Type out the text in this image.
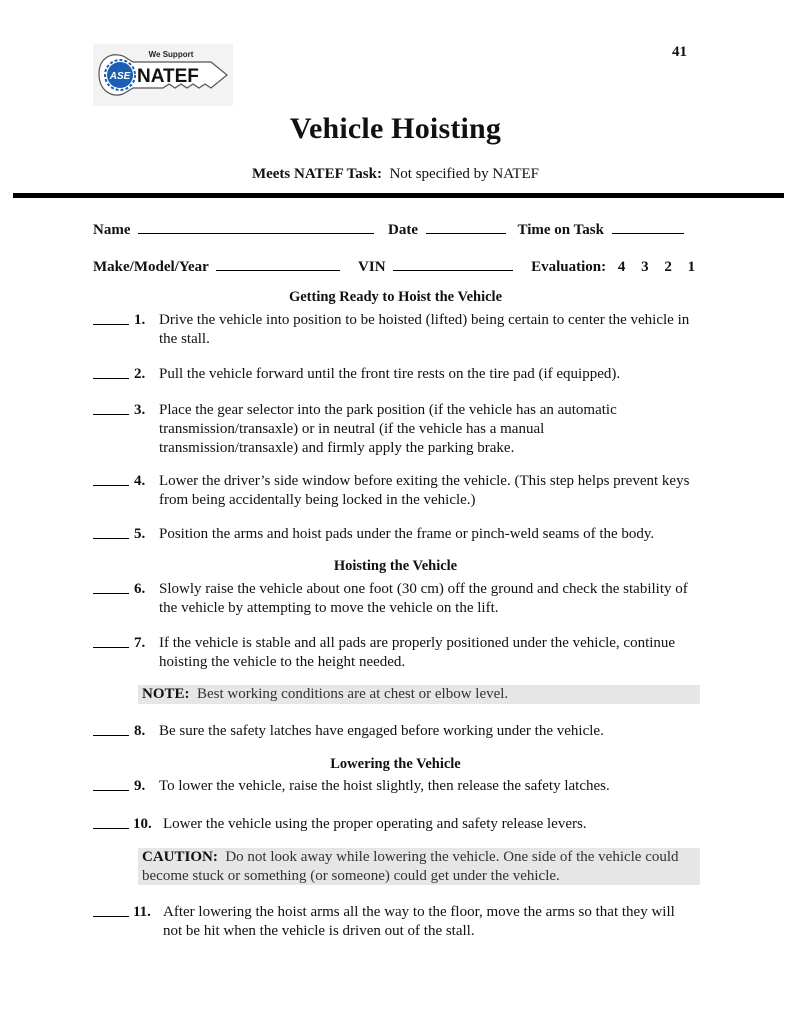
ASE
We Support
NATEF
41
Vehicle Hoisting
Meets NATEF Task: Not specified by NATEF
Name	Date	Time on Task
Make/Model/Year	VIN	Evaluation: 4 3 2 1
Getting Ready to Hoist the Vehicle
1. Drive the vehicle into position to be hoisted (lifted) being certain to center the vehicle in the stall.
2. Pull the vehicle forward until the front tire rests on the tire pad (if equipped).
3. Place the gear selector into the park position (if the vehicle has an automatic transmission/transaxle) or in neutral (if the vehicle has a manual transmission/transaxle) and firmly apply the parking brake.
4. Lower the driver’s side window before exiting the vehicle. (This step helps prevent keys from being accidentally being locked in the vehicle.)
5. Position the arms and hoist pads under the frame or pinch-weld seams of the body.
Hoisting the Vehicle
6. Slowly raise the vehicle about one foot (30 cm) off the ground and check the stability of the vehicle by attempting to move the vehicle on the lift.
7. If the vehicle is stable and all pads are properly positioned under the vehicle, continue hoisting the vehicle to the height needed.
NOTE: Best working conditions are at chest or elbow level.
8. Be sure the safety latches have engaged before working under the vehicle.
Lowering the Vehicle
9. To lower the vehicle, raise the hoist slightly, then release the safety latches.
10. Lower the vehicle using the proper operating and safety release levers.
CAUTION: Do not look away while lowering the vehicle. One side of the vehicle could become stuck or something (or someone) could get under the vehicle.
11. After lowering the hoist arms all the way to the floor, move the arms so that they will not be hit when the vehicle is driven out of the stall.
